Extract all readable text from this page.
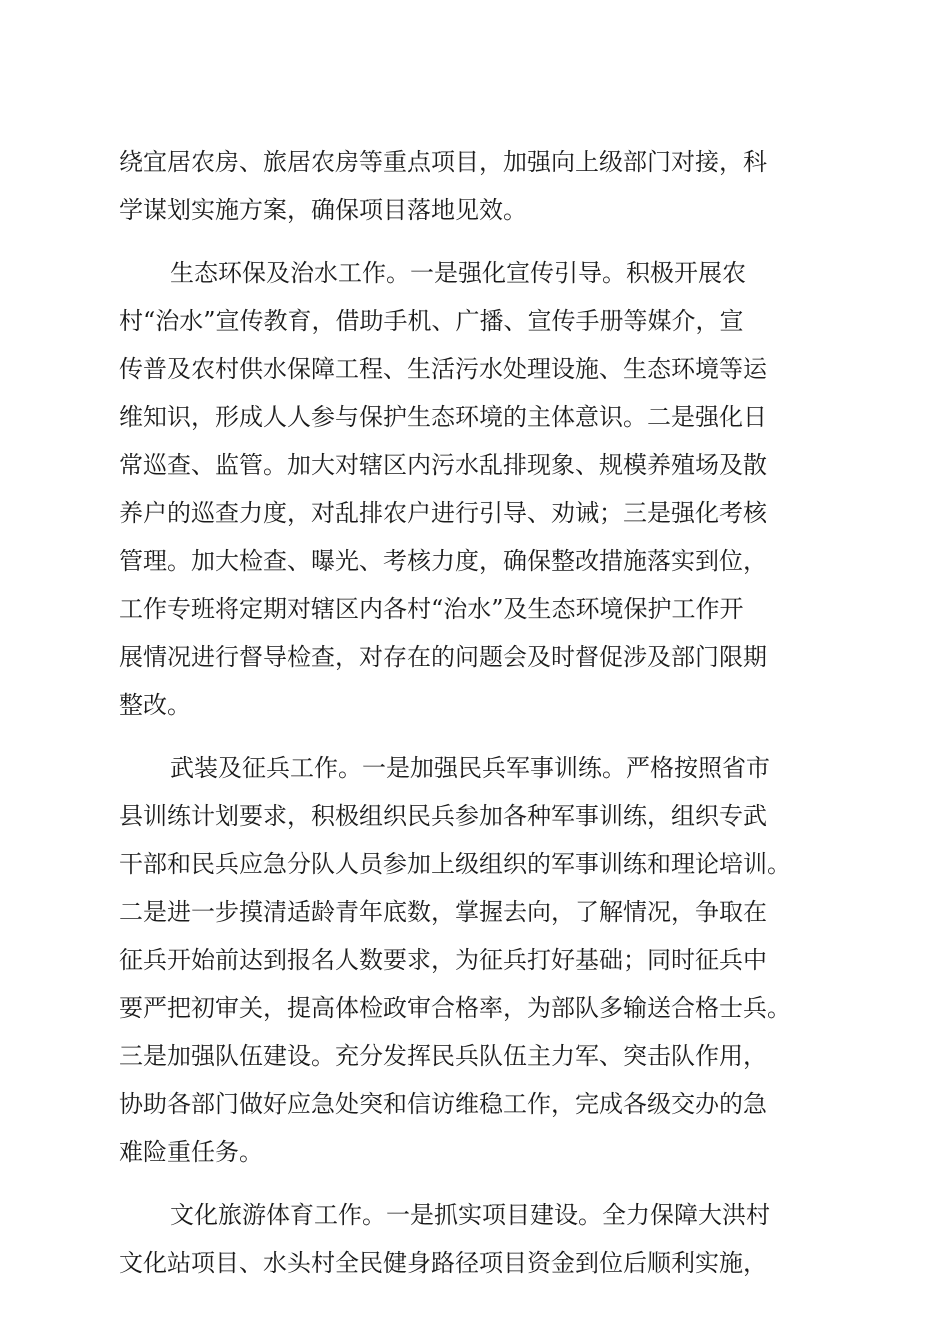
绕宜居农房、旅居农房等重点项目，加强向上级部门对接，科
学谋划实施方案，确保项目落地见效。
生态环保及治水工作。一是强化宣传引导。积极开展农
村“治水”宣传教育，借助手机、广播、宣传手册等媒介，宣
传普及农村供水保障工程、生活污水处理设施、生态环境等运
维知识，形成人人参与保护生态环境的主体意识。二是强化日
常巡查、监管。加大对辖区内污水乱排现象、规模养殖场及散
养户的巡查力度，对乱排农户进行引导、劝诫；三是强化考核
管理。加大检查、曝光、考核力度，确保整改措施落实到位，
工作专班将定期对辖区内各村“治水”及生态环境保护工作开
展情况进行督导检查，对存在的问题会及时督促涉及部门限期
整改。
武装及征兵工作。一是加强民兵军事训练。严格按照省市
县训练计划要求，积极组织民兵参加各种军事训练，组织专武
干部和民兵应急分队人员参加上级组织的军事训练和理论培训。
二是进一步摸清适龄青年底数，掌握去向，了解情况，争取在
征兵开始前达到报名人数要求，为征兵打好基础；同时征兵中
要严把初审关，提高体检政审合格率，为部队多输送合格士兵。
三是加强队伍建设。充分发挥民兵队伍主力军、突击队作用，
协助各部门做好应急处突和信访维稳工作，完成各级交办的急
难险重任务。
文化旅游体育工作。一是抓实项目建设。全力保障大洪村
文化站项目、水头村全民健身路径项目资金到位后顺利实施，
